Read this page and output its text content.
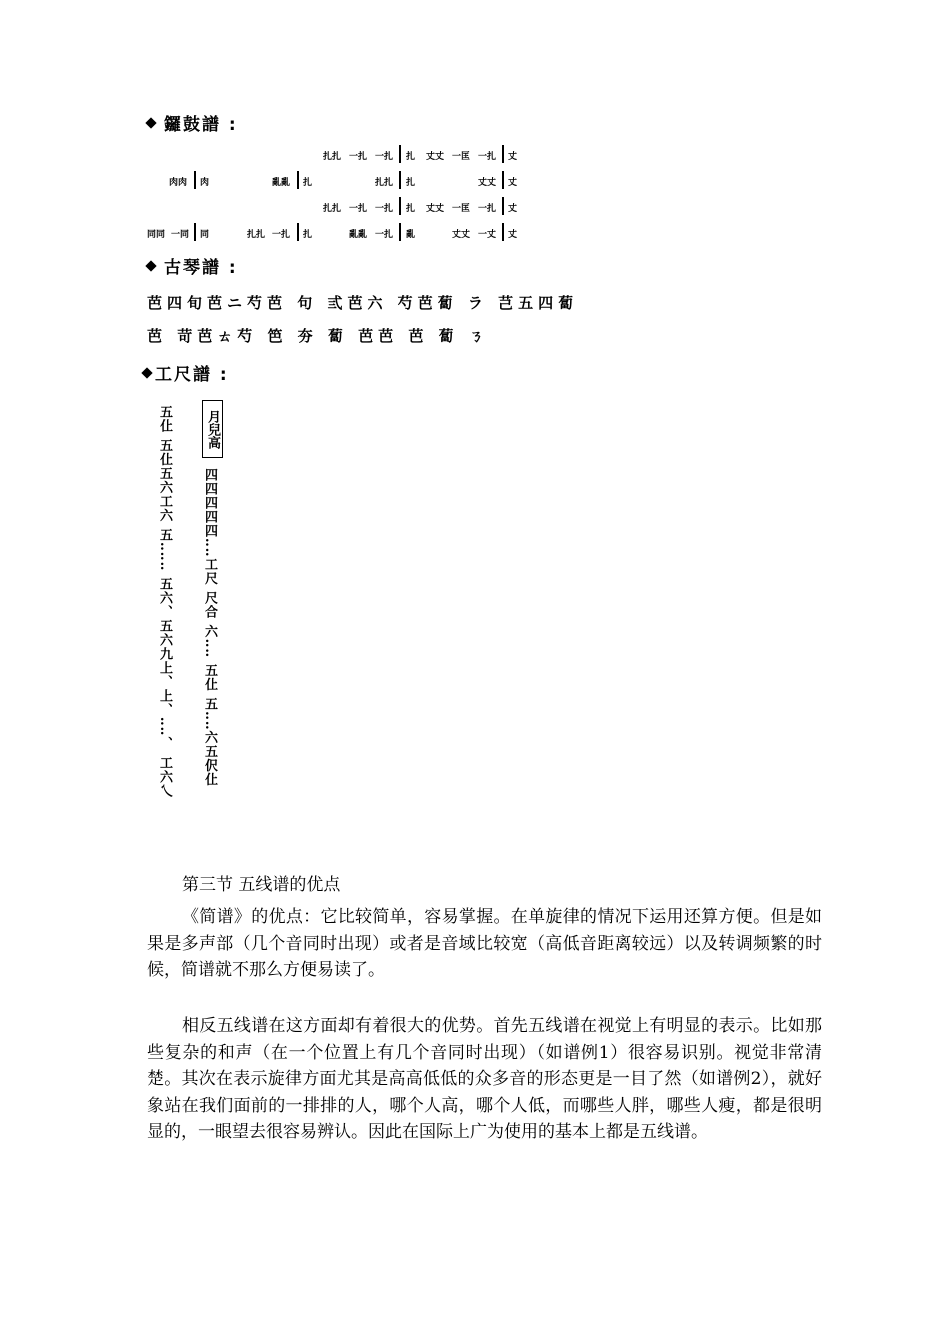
鑼鼓譜 :
扎扎 一扎 一扎 扎 丈丈 一匡 一扎 丈
肉肉 肉	亂亂 扎	扎扎 扎	丈丈 丈
扎扎 一扎 一扎 扎 丈丈 一匡 一扎 丈
同同 一同 同	扎扎 一扎 扎	亂亂 一扎 亂	丈丈 一丈 丈
古琴譜 :
芭四旬芭ニ芍芭 句 弎芭六 芍芭蔔 ラ 芑五四蔔
芭 苛芭ㄊ芍 笆 夯 蔔 芭芭 芭 蔔 ㄋ
工尺譜 :
五仩 五仩五六工六 五‥‥‥ 五六、五六九上、上、‥‥、 工六乀	月兒高
四四四四四‥‥工尺 尺合 六‥‥ 五仩 五‥‥六五伬仩
第三节 五线谱的优点

《简谱》的优点：它比较简单，容易掌握。在单旋律的情况下运用还算方便。但是如果是多声部（几个音同时出现）或者是音域比较宽（高低音距离较远）以及转调频繁的时候，简谱就不那么方便易读了。

相反五线谱在这方面却有着很大的优势。首先五线谱在视觉上有明显的表示。比如那些复杂的和声（在一个位置上有几个音同时出现）（如谱例1）很容易识别。视觉非常清楚。其次在表示旋律方面尤其是高高低低的众多音的形态更是一目了然（如谱例2），就好象站在我们面前的一排排的人，哪个人高，哪个人低，而哪些人胖，哪些人瘦，都是很明显的，一眼望去很容易辨认。因此在国际上广为使用的基本上都是五线谱。
